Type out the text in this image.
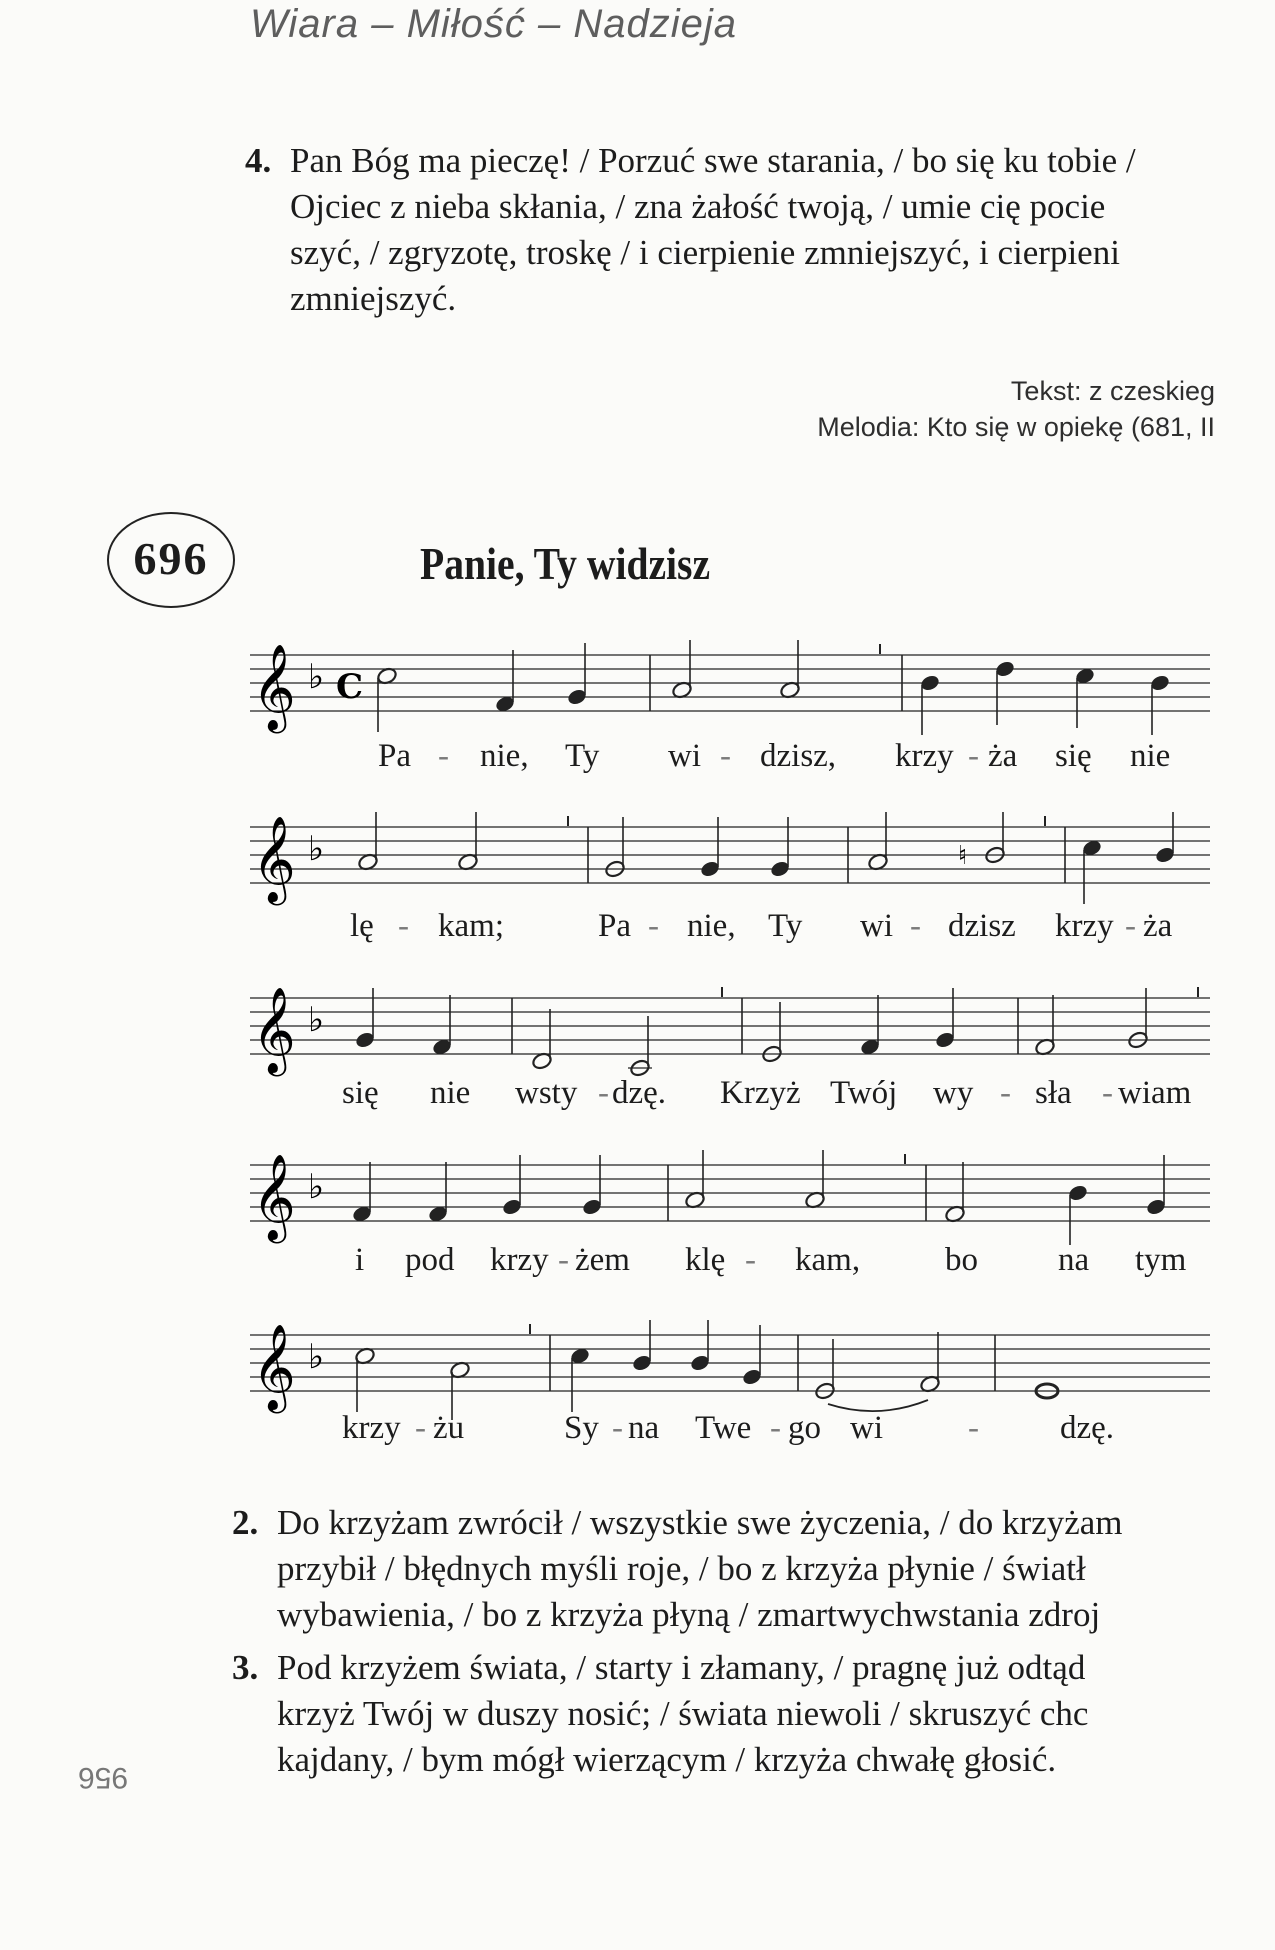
Wiara – Miłość – Nadzieja
4. Pan Bóg ma pieczę! / Porzuć swe starania, / bo się ku tobie /
Ojciec z nieba skłania, / zna żałość twoją, / umie cię pocie
szyć, / zgryzotę, troskę / i cierpienie zmniejszyć, i cierpieni
zmniejszyć.
Tekst: z czeskieg
Melodia: Kto się w opiekę (681, II
696	Panie, Ty widzisz
𝄞 ♭ C
𝄞 ♭	♮
𝄞 ♭
𝄞 ♭
𝄞 ♭
Pa - nie, Ty wi - dzisz, krzy - ża się nie
lę - kam;	Pa - nie, Ty wi - dzisz krzy - ża
się nie wsty - dzę. Krzyż Twój wy - sła - wiam
i pod krzy - żem klę - kam,	bo na tym
krzy - żu	Sy - na Twe - go wi	- dzę.
2. Do krzyżam zwrócił / wszystkie swe życzenia, / do krzyżam
przybił / błędnych myśli roje, / bo z krzyża płynie / światł
wybawienia, / bo z krzyża płyną / zmartwychwstania zdroj
3. Pod krzyżem świata, / starty i złamany, / pragnę już odtąd
krzyż Twój w duszy nosić; / świata niewoli / skruszyć chc
kajdany, / bym mógł wierzącym / krzyża chwałę głosić.
956
